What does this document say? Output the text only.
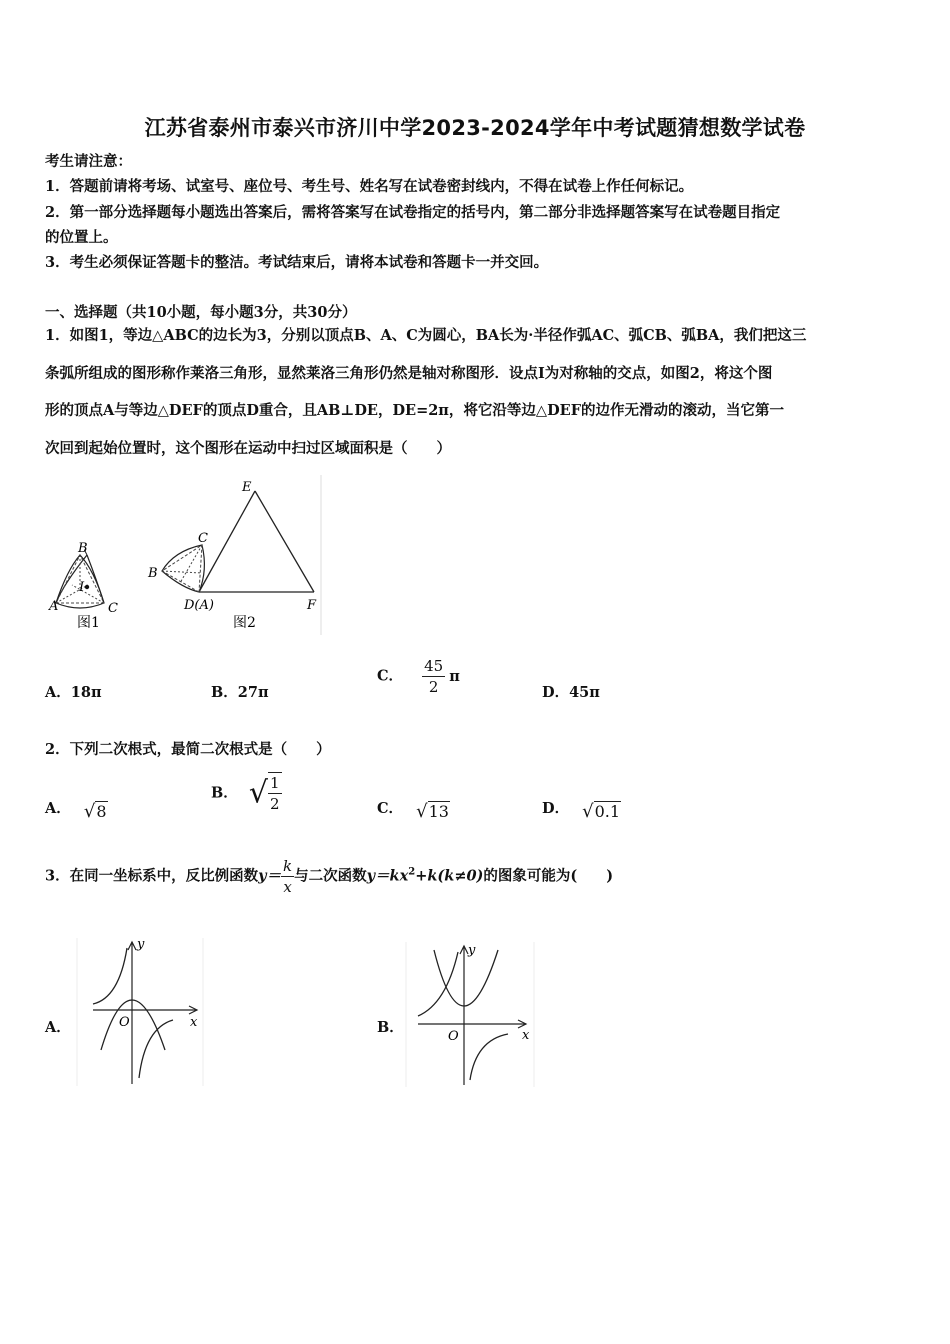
江苏省泰州市泰兴市济川中学2023-2024学年中考试题猜想数学试卷
考生请注意：
1．答题前请将考场、试室号、座位号、考生号、姓名写在试卷密封线内，不得在试卷上作任何标记。
2．第一部分选择题每小题选出答案后，需将答案写在试卷指定的括号内，第二部分非选择题答案写在试卷题目指定
的位置上。
3．考生必须保证答题卡的整洁。考试结束后，请将本试卷和答题卡一并交回。
一、选择题（共10小题，每小题3分，共30分）
1．如图1，等边△ABC的边长为3，分别以顶点B、A、C为圆心，BA长为·半径作弧AC、弧CB、弧BA，我们把这三
条弧所组成的图形称作莱洛三角形，显然莱洛三角形仍然是轴对称图形．设点I为对称轴的交点，如图2，将这个图
形的顶点A与等边△DEF的顶点D重合，且AB⊥DE，DE=2π，将它沿等边△DEF的边作无滑动的滚动，当它第一
次回到起始位置时，这个图形在运动中扫过区域面积是（　　）
B
I
A	C
图1
E
C
B
D(A)	F
图2
A．18π	B．27π
C． $\frac{45}{2}$ π
D．45π
2．下列二次根式，最简二次根式是（　　）
A． √8
B． √ $\frac{1}{2}$	C． √13	D． √0.1
3．在同一坐标系中，反比例函数$y= \frac{k}{x}$ 与二次函数$y=kx^2+k(k\ne 0)$的图象可能为(　　)
A．
y
x
O	B．
y
x
O
